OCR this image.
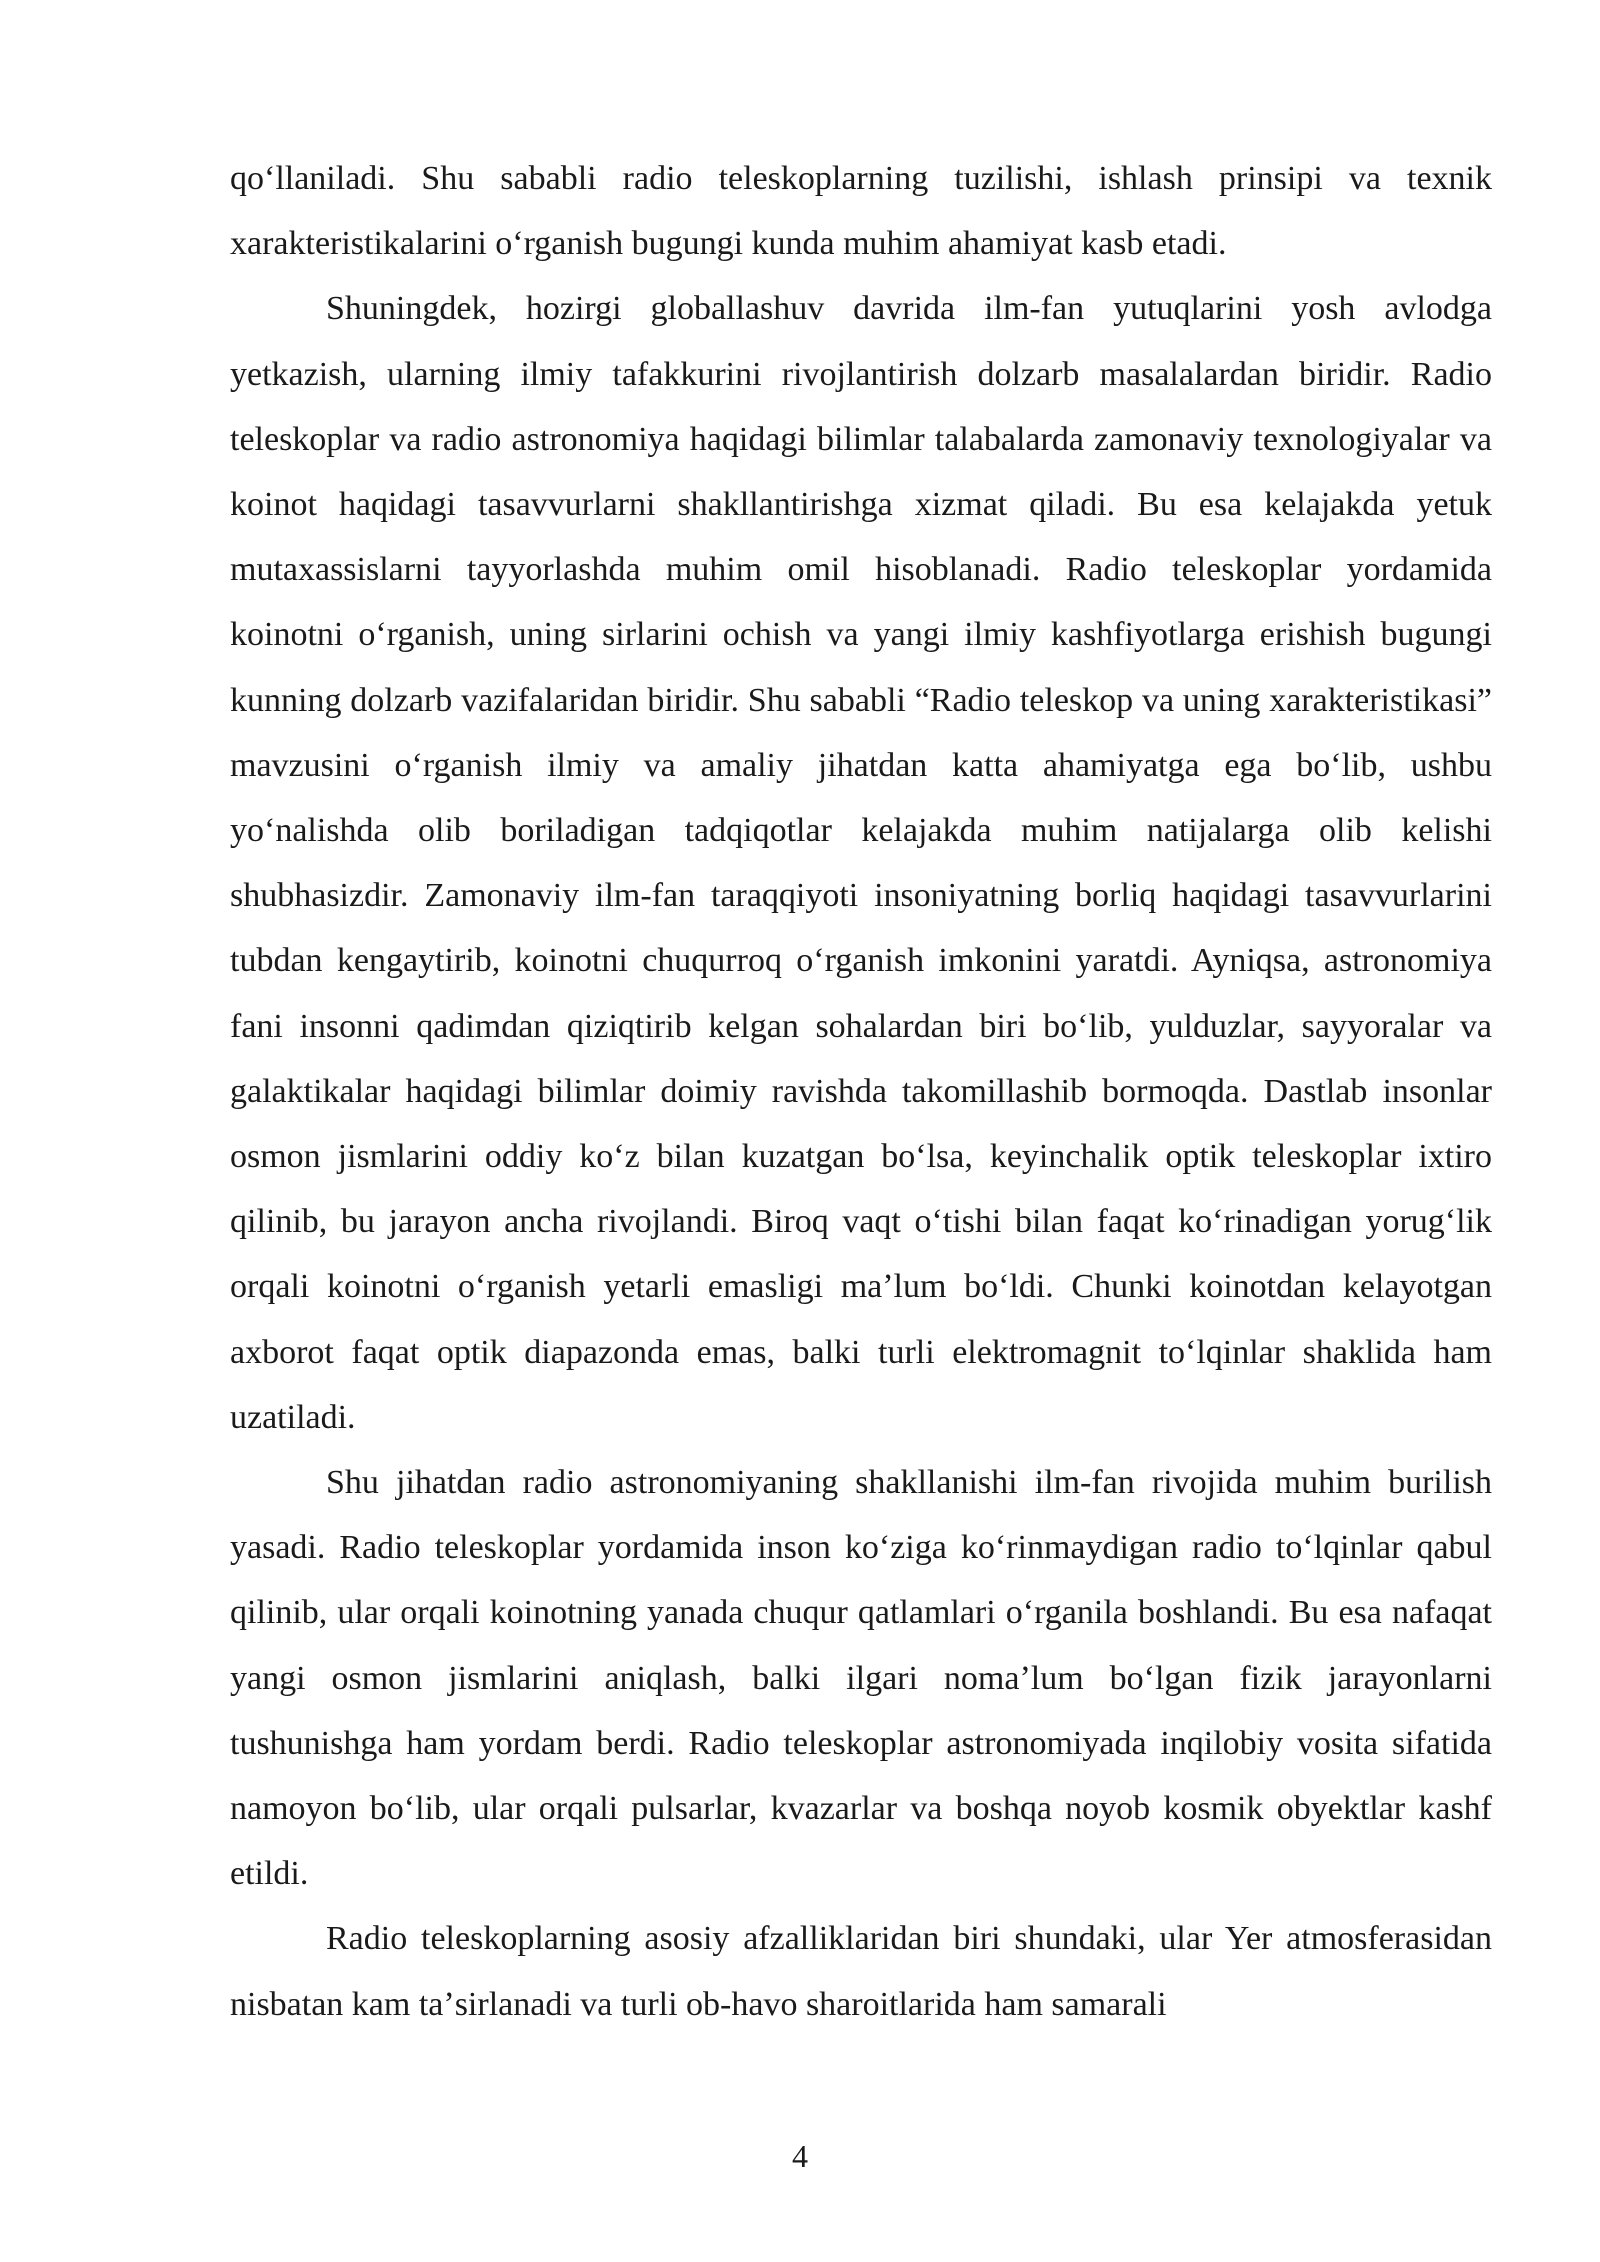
qoʻllaniladi. Shu sababli radio teleskoplarning tuzilishi, ishlash prinsipi va texnik xarakteristikalarini oʻrganish bugungi kunda muhim ahamiyat kasb etadi.

Shuningdek, hozirgi globallashuv davrida ilm-fan yutuqlarini yosh avlodga yetkazish, ularning ilmiy tafakkurini rivojlantirish dolzarb masalalardan biridir. Radio teleskoplar va radio astronomiya haqidagi bilimlar talabalarda zamonaviy texnologiyalar va koinot haqidagi tasavvurlarni shakllantirishga xizmat qiladi. Bu esa kelajakda yetuk mutaxassislarni tayyorlashda muhim omil hisoblanadi. Radio teleskoplar yordamida koinotni oʻrganish, uning sirlarini ochish va yangi ilmiy kashfiyotlarga erishish bugungi kunning dolzarb vazifalaridan biridir. Shu sababli “Radio teleskop va uning xarakteristikasi” mavzusini oʻrganish ilmiy va amaliy jihatdan katta ahamiyatga ega boʻlib, ushbu yoʻnalishda olib boriladigan tadqiqotlar kelajakda muhim natijalarga olib kelishi shubhasizdir. Zamonaviy ilm-fan taraqqiyoti insoniyatning borliq haqidagi tasavvurlarini tubdan kengaytirib, koinotni chuqurroq oʻrganish imkonini yaratdi. Ayniqsa, astronomiya fani insonni qadimdan qiziqtirib kelgan sohalardan biri boʻlib, yulduzlar, sayyoralar va galaktikalar haqidagi bilimlar doimiy ravishda takomillashib bormoqda. Dastlab insonlar osmon jismlarini oddiy koʻz bilan kuzatgan boʻlsa, keyinchalik optik teleskoplar ixtiro qilinib, bu jarayon ancha rivojlandi. Biroq vaqt oʻtishi bilan faqat koʻrinadigan yorugʻlik orqali koinotni oʻrganish yetarli emasligi maʼlum boʻldi. Chunki koinotdan kelayotgan axborot faqat optik diapazonda emas, balki turli elektromagnit toʻlqinlar shaklida ham uzatiladi.

Shu jihatdan radio astronomiyaning shakllanishi ilm-fan rivojida muhim burilish yasadi. Radio teleskoplar yordamida inson koʻziga koʻrinmaydigan radio toʻlqinlar qabul qilinib, ular orqali koinotning yanada chuqur qatlamlari oʻrganila boshlandi. Bu esa nafaqat yangi osmon jismlarini aniqlash, balki ilgari nomaʼlum boʻlgan fizik jarayonlarni tushunishga ham yordam berdi. Radio teleskoplar astronomiyada inqilobiy vosita sifatida namoyon boʻlib, ular orqali pulsarlar, kvazarlar va boshqa noyob kosmik obyektlar kashf etildi.

Radio teleskoplarning asosiy afzalliklaridan biri shundaki, ular Yer atmosferasidan nisbatan kam taʼsirlanadi va turli ob-havo sharoitlarida ham samarali

4
